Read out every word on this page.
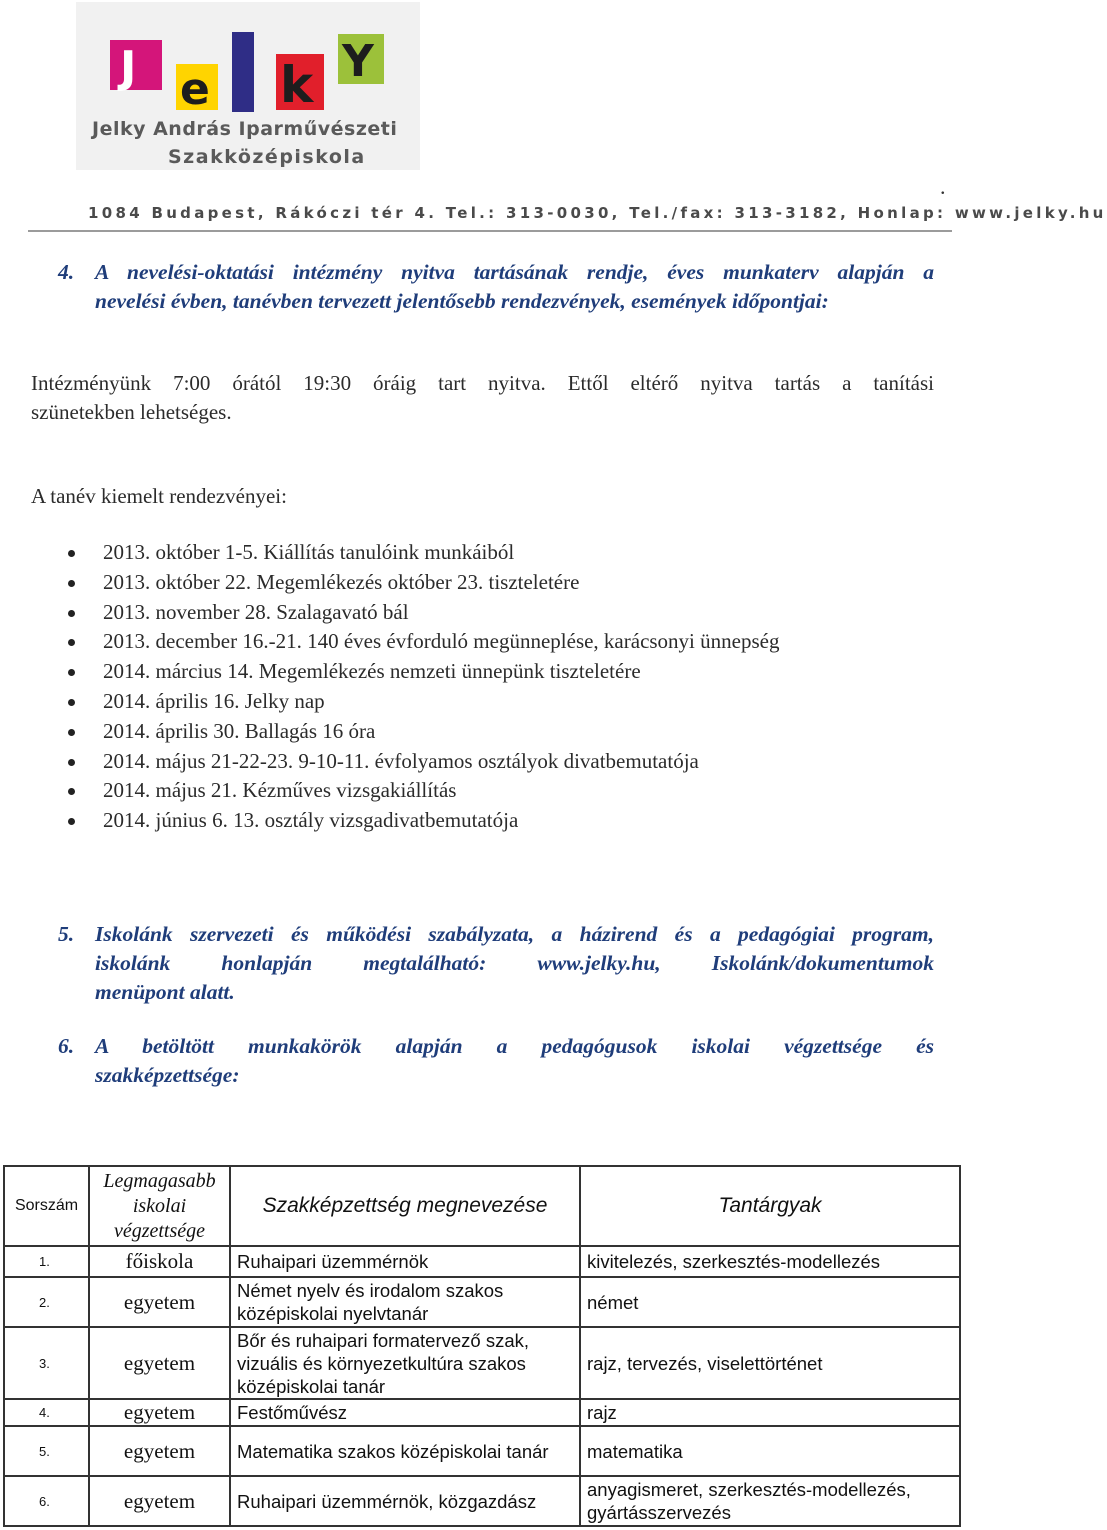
J e k Y
Jelky András Iparművészeti
Szakközépiskola
.
1084 Budapest, Rákóczi tér 4. Tel.: 313-0030, Tel./fax: 313-3182, Honlap: www.jelky.hu
4. A nevelési-oktatási intézmény nyitva tartásának rendje, éves munkaterv alapján a
nevelési évben, tanévben tervezett jelentősebb rendezvények, események időpontjai:
Intézményünk 7:00 órától 19:30 óráig tart nyitva. Ettől eltérő nyitva tartás a tanítási
szünetekben lehetséges.
A tanév kiemelt rendezvényei:
2013. október 1-5. Kiállítás tanulóink munkáiból
2013. október 22. Megemlékezés október 23. tiszteletére
2013. november 28. Szalagavató bál
2013. december 16.-21. 140 éves évforduló megünneplése, karácsonyi ünnepség
2014. március 14. Megemlékezés nemzeti ünnepünk tiszteletére
2014. április 16. Jelky nap
2014. április 30. Ballagás 16 óra
2014. május 21-22-23. 9-10-11. évfolyamos osztályok divatbemutatója
2014. május 21. Kézműves vizsgakiállítás
2014. június 6. 13. osztály vizsgadivatbemutatója
5. Iskolánk szervezeti és működési szabályzata, a házirend és a pedagógiai program,
iskolánk honlapján megtalálható: www.jelky.hu, Iskolánk/dokumentumok
menüpont alatt.
6. A betöltött munkakörök alapján a pedagógusok iskolai végzettsége és
szakképzettsége:
Sorszám	Legmagasabb iskolai végzettsége	Szakképzettség megnevezése	Tantárgyak
1.	főiskola	Ruhaipari üzemmérnök	kivitelezés, szerkesztés-modellezés
2.	egyetem	Német nyelv és irodalom szakos középiskolai nyelvtanár	német
3.	egyetem	Bőr és ruhaipari formatervező szak, vizuális és környezetkultúra szakos középiskolai tanár	rajz, tervezés, viselettörténet
4.	egyetem	Festőművész	rajz
5.	egyetem	Matematika szakos középiskolai tanár	matematika
6.	egyetem	Ruhaipari üzemmérnök, közgazdász	anyagismeret, szerkesztés-modellezés, gyártásszervezés
